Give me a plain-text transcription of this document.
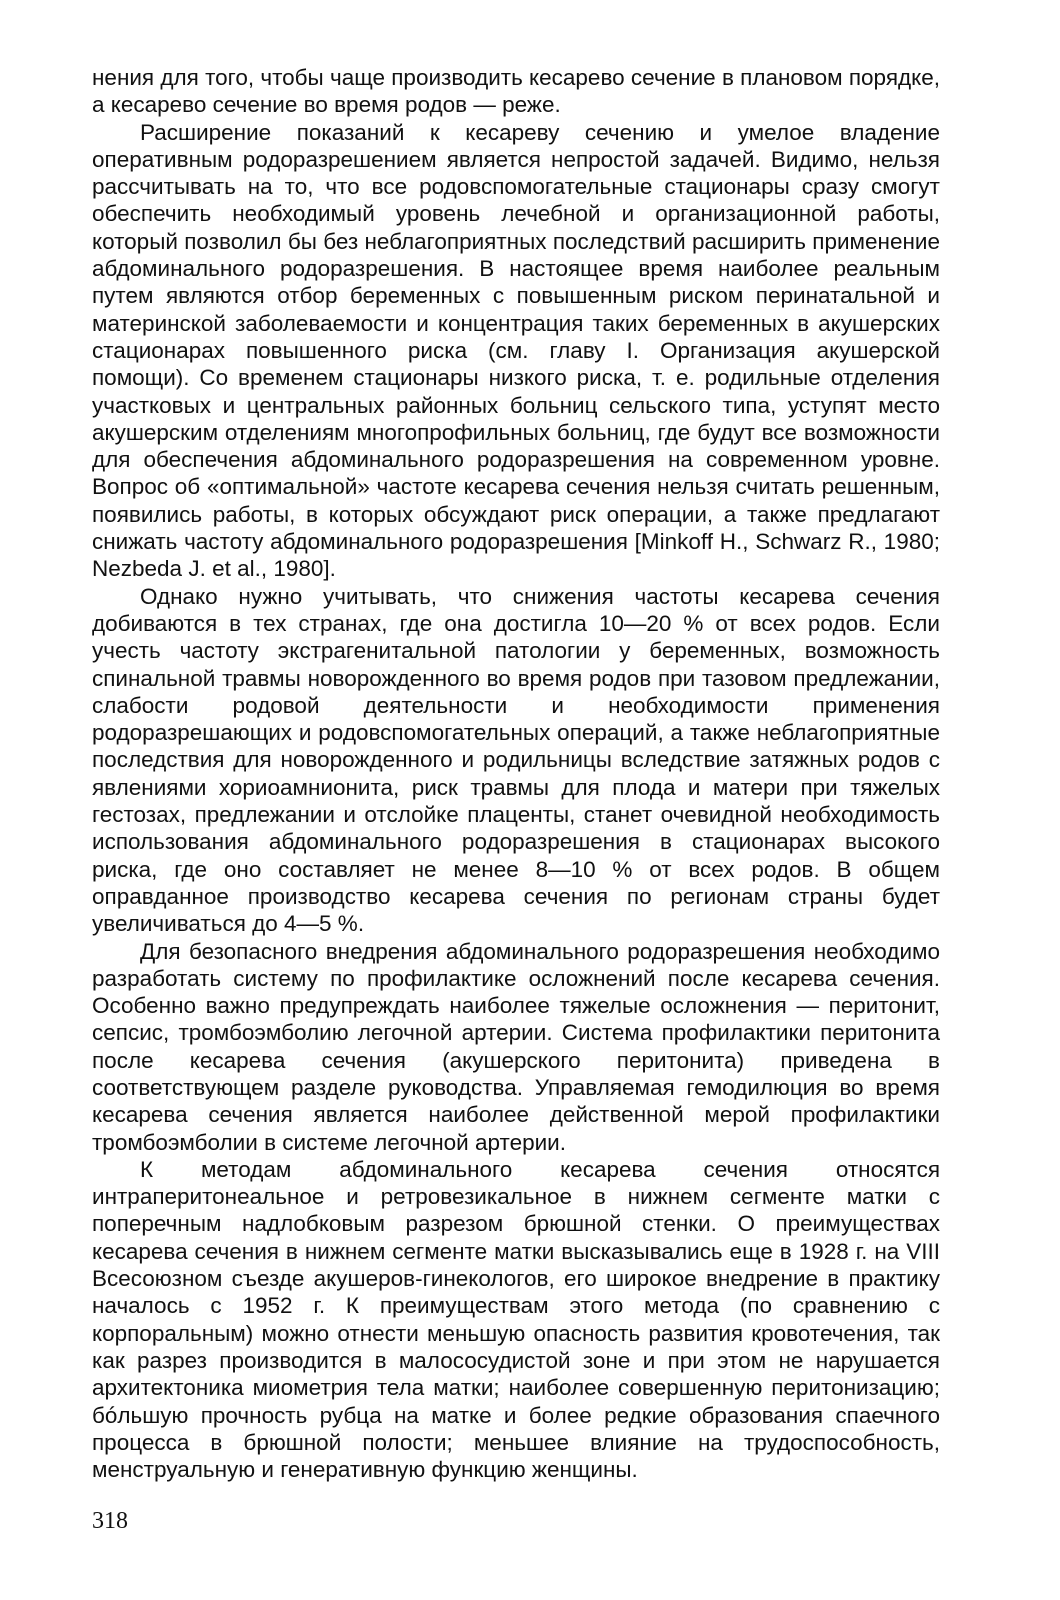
нения для того, чтобы чаще производить кесарево сечение в плановом порядке, а кесарево сечение во время родов — реже.

Расширение показаний к кесареву сечению и умелое владение оперативным родоразрешением является непростой задачей. Видимо, нельзя рассчитывать на то, что все родовспомогательные стационары сразу смогут обеспечить необходимый уровень лечебной и организационной работы, который позволил бы без неблагоприятных последствий расширить применение абдоминального родоразрешения. В настоящее время наиболее реальным путем являются отбор беременных с повышенным риском перинатальной и материнской заболеваемости и концентрация таких беременных в акушерских стационарах повышенного риска (см. главу I. Организация акушерской помощи). Со временем стационары низкого риска, т. е. родильные отделения участковых и центральных районных больниц сельского типа, уступят место акушерским отделениям многопрофильных больниц, где будут все возможности для обеспечения абдоминального родоразрешения на современном уровне. Вопрос об «оптимальной» частоте кесарева сечения нельзя считать решенным, появились работы, в которых обсуждают риск операции, а также предлагают снижать частоту абдоминального родоразрешения [Minkoff H., Schwarz R., 1980; Nezbeda J. et al., 1980].

Однако нужно учитывать, что снижения частоты кесарева сечения добиваются в тех странах, где она достигла 10—20 % от всех родов. Если учесть частоту экстрагенитальной патологии у беременных, возможность спинальной травмы новорожденного во время родов при тазовом предлежании, слабости родовой деятельности и необходимости применения родоразрешающих и родовспомогательных операций, а также неблагоприятные последствия для новорожденного и родильницы вследствие затяжных родов с явлениями хориоамнионита, риск травмы для плода и матери при тяжелых гестозах, предлежании и отслойке плаценты, станет очевидной необходимость использования абдоминального родоразрешения в стационарах высокого риска, где оно составляет не менее 8—10 % от всех родов. В общем оправданное производство кесарева сечения по регионам страны будет увеличиваться до 4—5 %.

Для безопасного внедрения абдоминального родоразрешения необходимо разработать систему по профилактике осложнений после кесарева сечения. Особенно важно предупреждать наиболее тяжелые осложнения — перитонит, сепсис, тромбоэмболию легочной артерии. Система профилактики перитонита после кесарева сечения (акушерского перитонита) приведена в соответствующем разделе руководства. Управляемая гемодилюция во время кесарева сечения является наиболее действенной мерой профилактики тромбоэмболии в системе легочной артерии.

К методам абдоминального кесарева сечения относятся интраперитонеальное и ретровезикальное в нижнем сегменте матки с поперечным надлобковым разрезом брюшной стенки. О преимуществах кесарева сечения в нижнем сегменте матки высказывались еще в 1928 г. на VIII Всесоюзном съезде акушеров-гинекологов, его широкое внедрение в практику началось с 1952 г. К преимуществам этого метода (по сравнению с корпоральным) можно отнести меньшую опасность развития кровотечения, так как разрез производится в малососудистой зоне и при этом не нарушается архитектоника миометрия тела матки; наиболее совершенную перитонизацию; бóльшую прочность рубца на матке и более редкие образования спаечного процесса в брюшной полости; меньшее влияние на трудоспособность, менструальную и генеративную функцию женщины.

318
